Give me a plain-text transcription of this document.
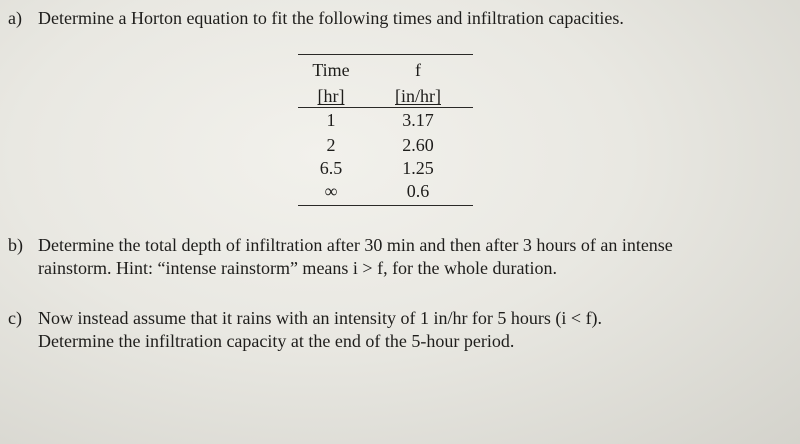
a) Determine a Horton equation to fit the following times and infiltration capacities.
Time	f
[hr]	[in/hr]
1	3.17
2	2.60
6.5	1.25
∞	0.6
b) Determine the total depth of infiltration after 30 min and then after 3 hours of an intense
rainstorm. Hint: “intense rainstorm” means i > f, for the whole duration.
c) Now instead assume that it rains with an intensity of 1 in/hr for 5 hours (i < f).
Determine the infiltration capacity at the end of the 5-hour period.
